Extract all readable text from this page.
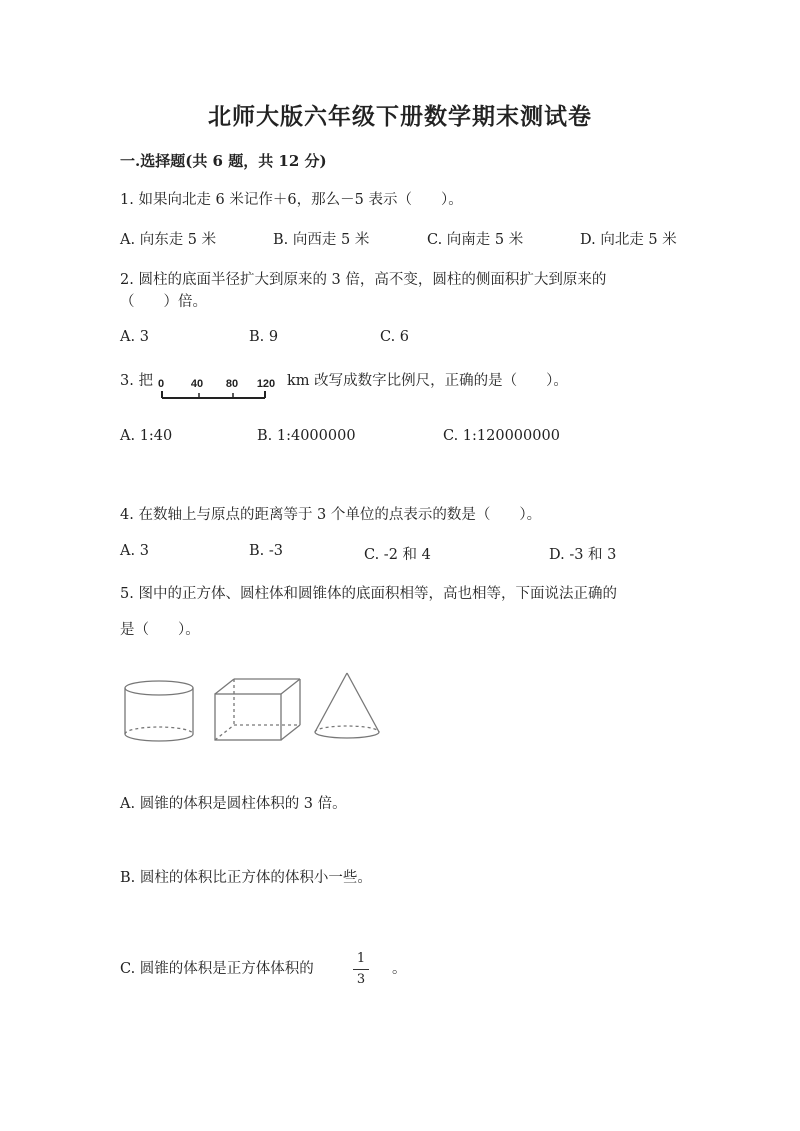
北师大版六年级下册数学期末测试卷
一.选择题(共 6 题，共 12 分)
1. 如果向北走 6 米记作＋6，那么－5 表示（　　）。
A. 向东走 5 米	B. 向西走 5 米	C. 向南走 5 米	D. 向北走 5 米
2. 圆柱的底面半径扩大到原来的 3 倍，高不变，圆柱的侧面积扩大到原来的
（　　）倍。
A. 3	B. 9	C. 6
3. 把 0 40 80 120 km 改写成数字比例尺，正确的是（　　）。
A. 1:40	B. 1:4000000	C. 1:120000000
4. 在数轴上与原点的距离等于 3 个单位的点表示的数是（　　）。
A. 3	B. -3	C. -2 和 4	D. -3 和 3
5. 图中的正方体、圆柱体和圆锥体的底面积相等，高也相等，下面说法正确的
是（　　）。
A. 圆锥的体积是圆柱体积的 3 倍。
B. 圆柱的体积比正方体的体积小一些。
C. 圆锥的体积是正方体体积的
1
3
。
